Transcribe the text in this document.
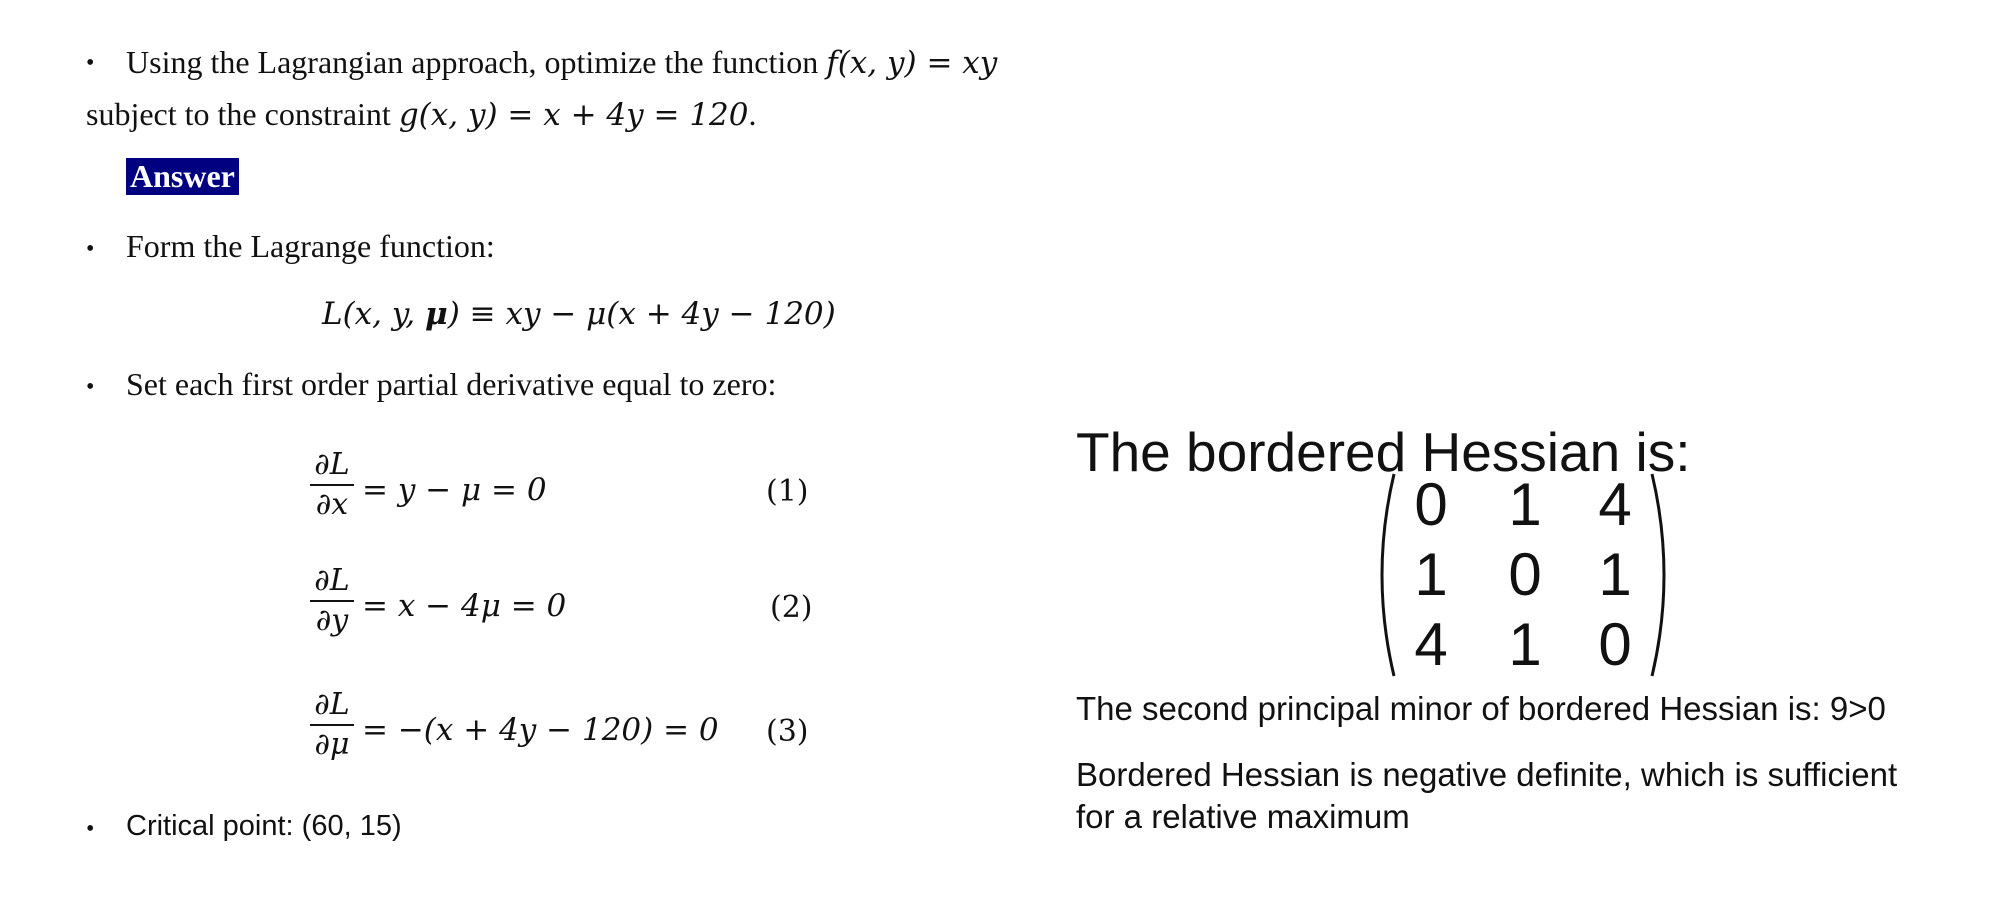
• Using the Lagrangian approach, optimize the function f(x, y) = xy
subject to the constraint g(x, y) = x + 4y = 120.
Answer
• Form the Lagrange function:
L(x, y, μ) ≡ xy − μ(x + 4y − 120)
• Set each first order partial derivative equal to zero:
∂L
∂x = y − μ = 0	(1)
∂L
∂y = x − 4μ = 0	(2)
∂L
∂μ = −(x + 4y − 120) = 0 (3)
• Critical point: (60, 15)
The bordered Hessian is:
0	1 4
1	0 1
4	1 0
The second principal minor of bordered Hessian is: 9>0
Bordered Hessian is negative definite, which is sufficient
for a relative maximum
